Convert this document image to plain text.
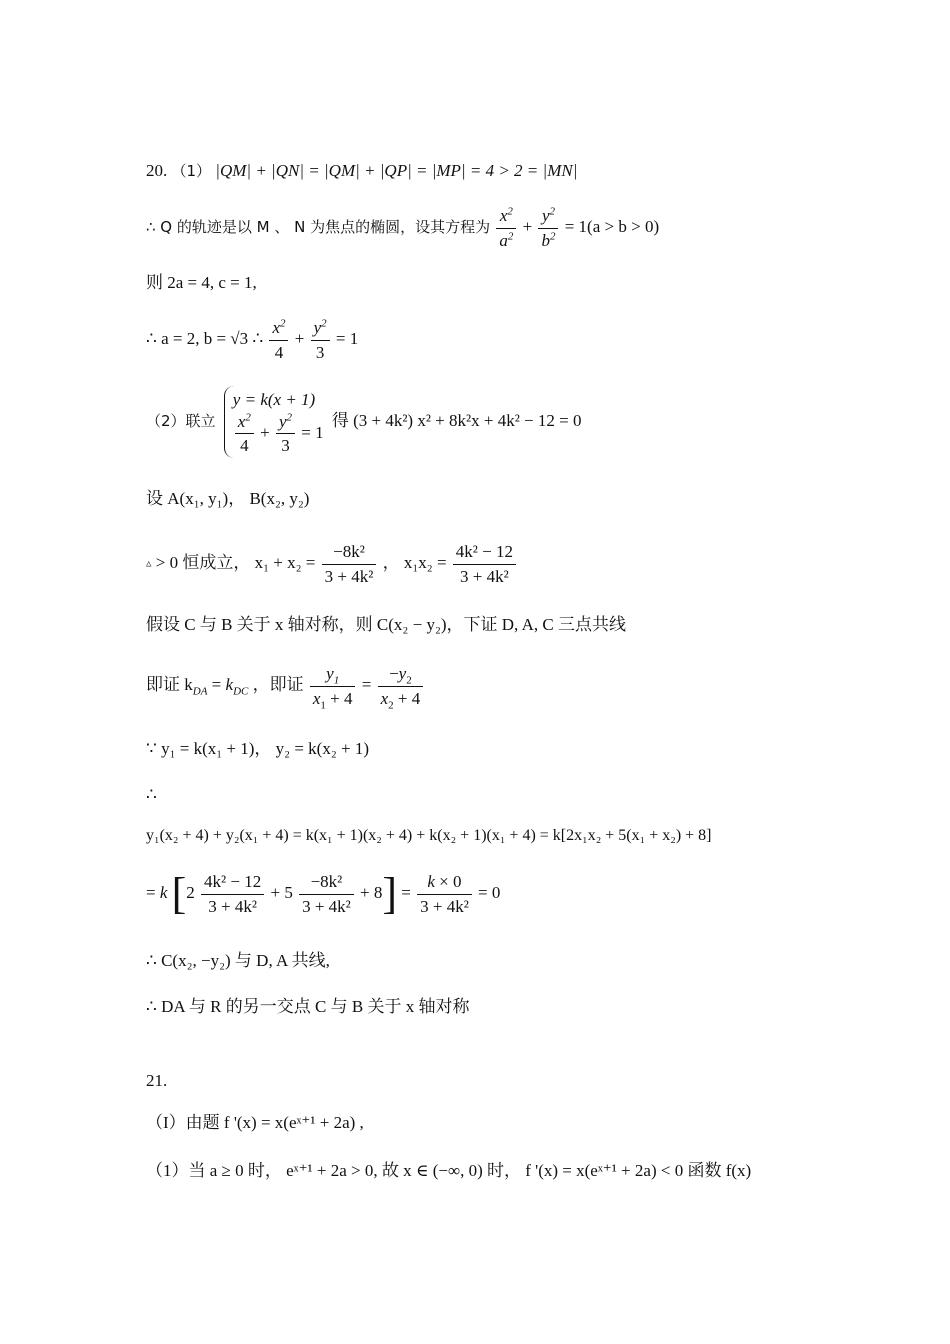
20. （1） |QM| + |QN| = |QM| + |QP| = |MP| = 4 > 2 = |MN|
∴ Q 的轨迹是以 M 、 N 为焦点的椭圆，设其方程为 $\frac{x^2}{a^2} + \frac{y^2}{b^2} = 1(a > b > 0)$
则 2a = 4, c = 1,
∴ a = 2, b = √3 ∴ $\frac{x^2}{4} + \frac{y^2}{3} = 1$
（2）联立
y = k(x + 1)
$\frac{x^2}{4} + \frac{y^2}{3} = 1$
得 (3 + 4k²) x² + 8k²x + 4k² − 12 = 0
设 A(x₁, y₁)， B(x₂, y₂)
▵ > 0 恒成立， $x_1 + x_2 = \frac{\text{−8k²}}{\text{3 + 4k²}}$ ， $x_1x_2 = \frac{\text{4k² − 12}}{\text{3 + 4k²}}$
假设 C 与 B 关于 x 轴对称，则 C(x₂ − y₂)，下证 D, A, C 三点共线
即证 $k_{DA} = k_{DC}$ ，即证 $\frac{y_1}{x_1 + 4} = \frac{-y_2}{x_2 + 4}$
∵ y₁ = k(x₁ + 1)， y₂ = k(x₂ + 1)
∴
y₁(x₂ + 4) + y₂(x₁ + 4) = k(x₁ + 1)(x₂ + 4) + k(x₂ + 1)(x₁ + 4) = k[2x₁x₂ + 5(x₁ + x₂) + 8]
= k $[2 \frac{\text{4k² − 12}}{\text{3 + 4k²}} + 5 \frac{\text{−8k²}}{\text{3 + 4k²}} + 8] = \frac{k \times 0}{\text{3 + 4k²}} = 0$
∴ C(x₂, −y₂) 与 D, A 共线,
∴ DA 与 R 的另一交点 C 与 B 关于 x 轴对称
21.
（I）由题 f '(x) = x(eˣ⁺¹ + 2a) ,
（1）当 a ≥ 0 时， eˣ⁺¹ + 2a > 0, 故 x ∈ (−∞, 0) 时， f '(x) = x(eˣ⁺¹ + 2a) < 0 函数 f(x)
